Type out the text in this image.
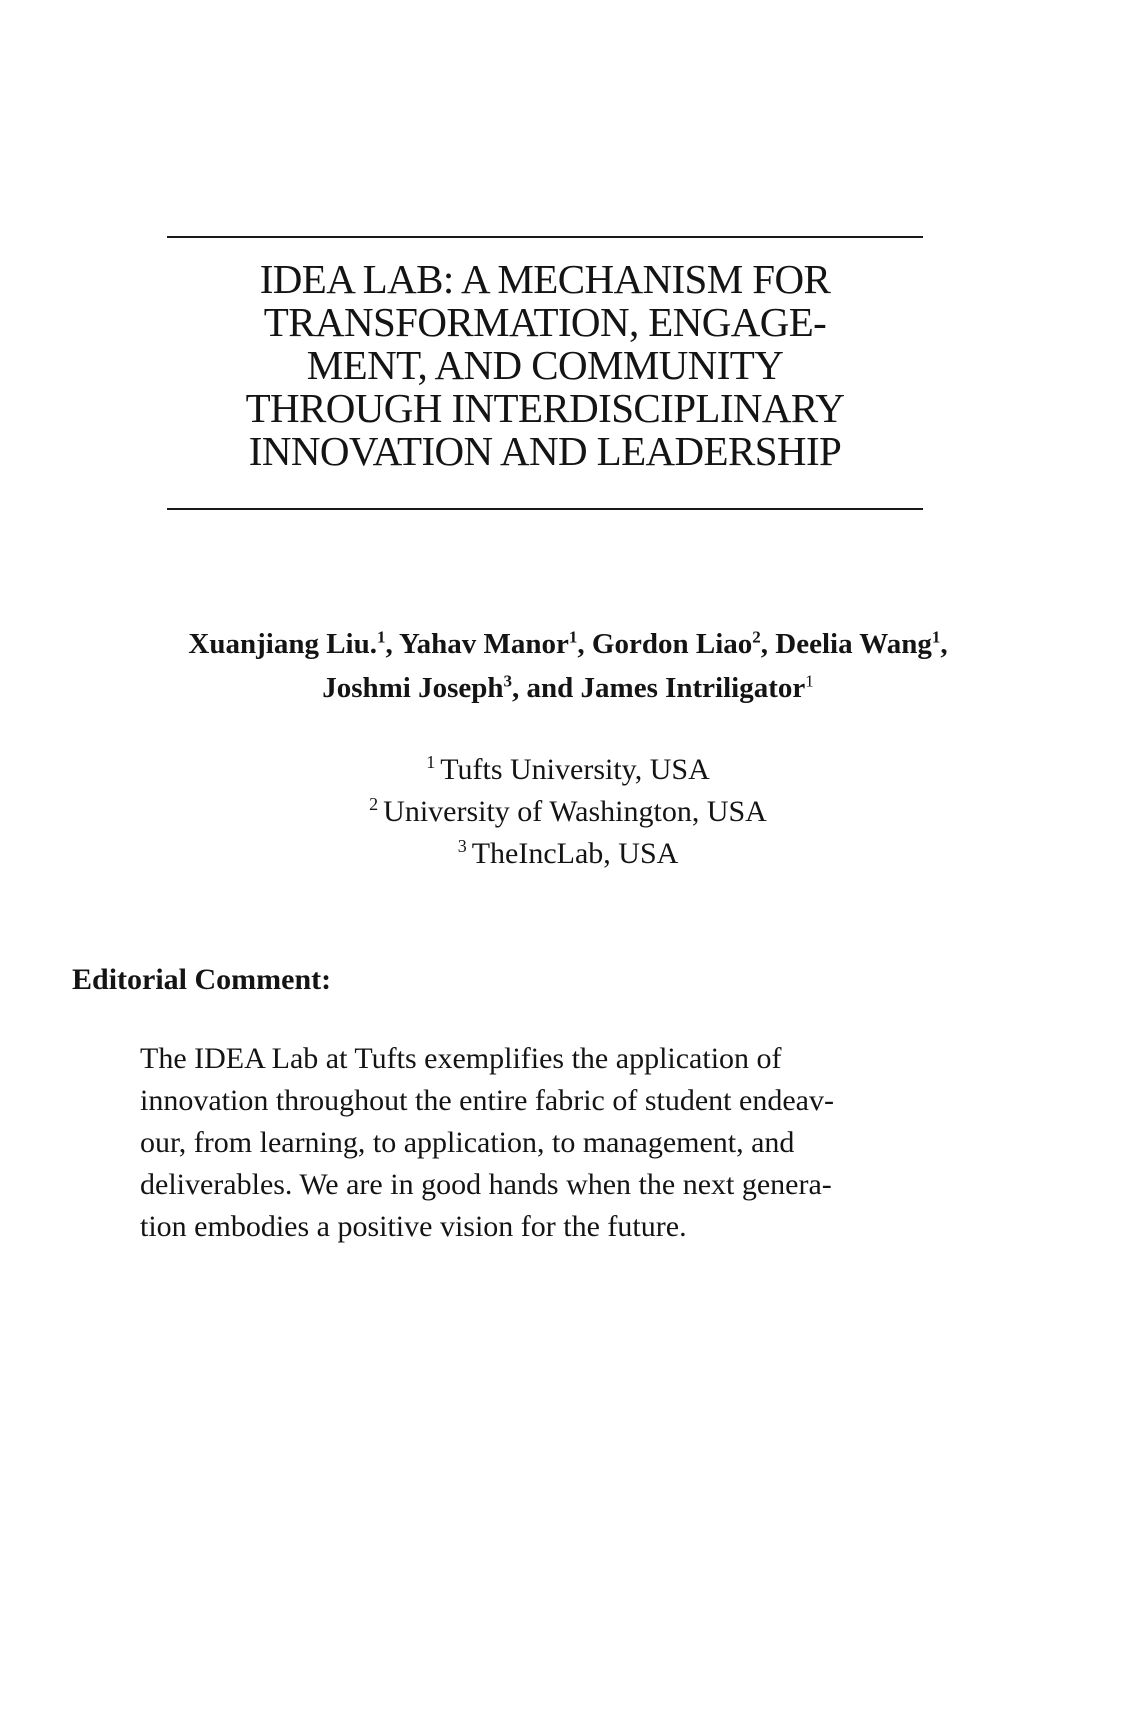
IDEA LAB: A MECHANISM FOR
TRANSFORMATION, ENGAGE-
MENT, AND COMMUNITY
THROUGH INTERDISCIPLINARY
INNOVATION AND LEADERSHIP
Xuanjiang Liu.$^1$, Yahav Manor$^1$, Gordon Liao$^2$, Deelia Wang$^1$,
Joshmi Joseph$^3$, and James Intriligator$^1$
$^1$ Tufts University, USA
$^2$ University of Washington, USA
$^3$ TheIncLab, USA
Editorial Comment:
The IDEA Lab at Tufts exemplifies the application of
innovation throughout the entire fabric of student endeav-
our, from learning, to application, to management, and
deliverables. We are in good hands when the next genera-
tion embodies a positive vision for the future.
